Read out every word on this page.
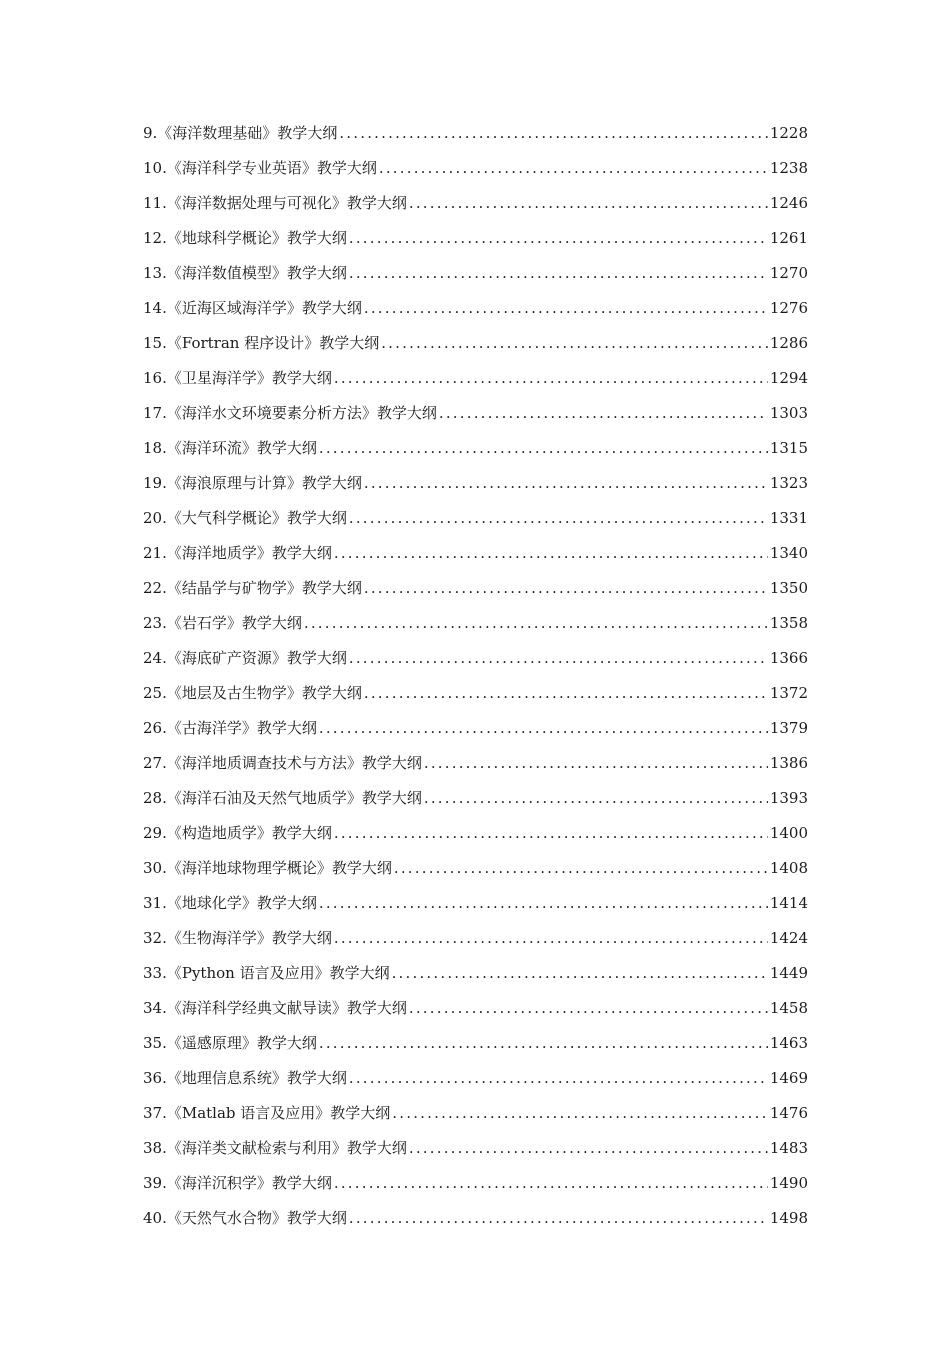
9.《海洋数理基础》教学大纲 .....	1228
10.《海洋科学专业英语》教学大纲 .....	1238
11.《海洋数据处理与可视化》教学大纲 .....	1246
12.《地球科学概论》教学大纲 .....	1261
13.《海洋数值模型》教学大纲 .....	1270
14.《近海区域海洋学》教学大纲 .....	1276
15.《Fortran 程序设计》教学大纲 .....	1286
16.《卫星海洋学》教学大纲 .....	1294
17.《海洋水文环境要素分析方法》教学大纲 .....	1303
18.《海洋环流》教学大纲 .....	1315
19.《海浪原理与计算》教学大纲 .....	1323
20.《大气科学概论》教学大纲 .....	1331
21.《海洋地质学》教学大纲 .....	1340
22.《结晶学与矿物学》教学大纲 .....	1350
23.《岩石学》教学大纲 .....	1358
24.《海底矿产资源》教学大纲 .....	1366
25.《地层及古生物学》教学大纲 .....	1372
26.《古海洋学》教学大纲 .....	1379
27.《海洋地质调查技术与方法》教学大纲 .....	1386
28.《海洋石油及天然气地质学》教学大纲 .....	1393
29.《构造地质学》教学大纲 .....	1400
30.《海洋地球物理学概论》教学大纲 .....	1408
31.《地球化学》教学大纲 .....	1414
32.《生物海洋学》教学大纲 .....	1424
33.《Python 语言及应用》教学大纲 .....	1449
34.《海洋科学经典文献导读》教学大纲 .....	1458
35.《遥感原理》教学大纲 .....	1463
36.《地理信息系统》教学大纲 .....	1469
37.《Matlab 语言及应用》教学大纲 .....	1476
38.《海洋类文献检索与利用》教学大纲 .....	1483
39.《海洋沉积学》教学大纲 .....	1490
40.《天然气水合物》教学大纲 .....	1498
